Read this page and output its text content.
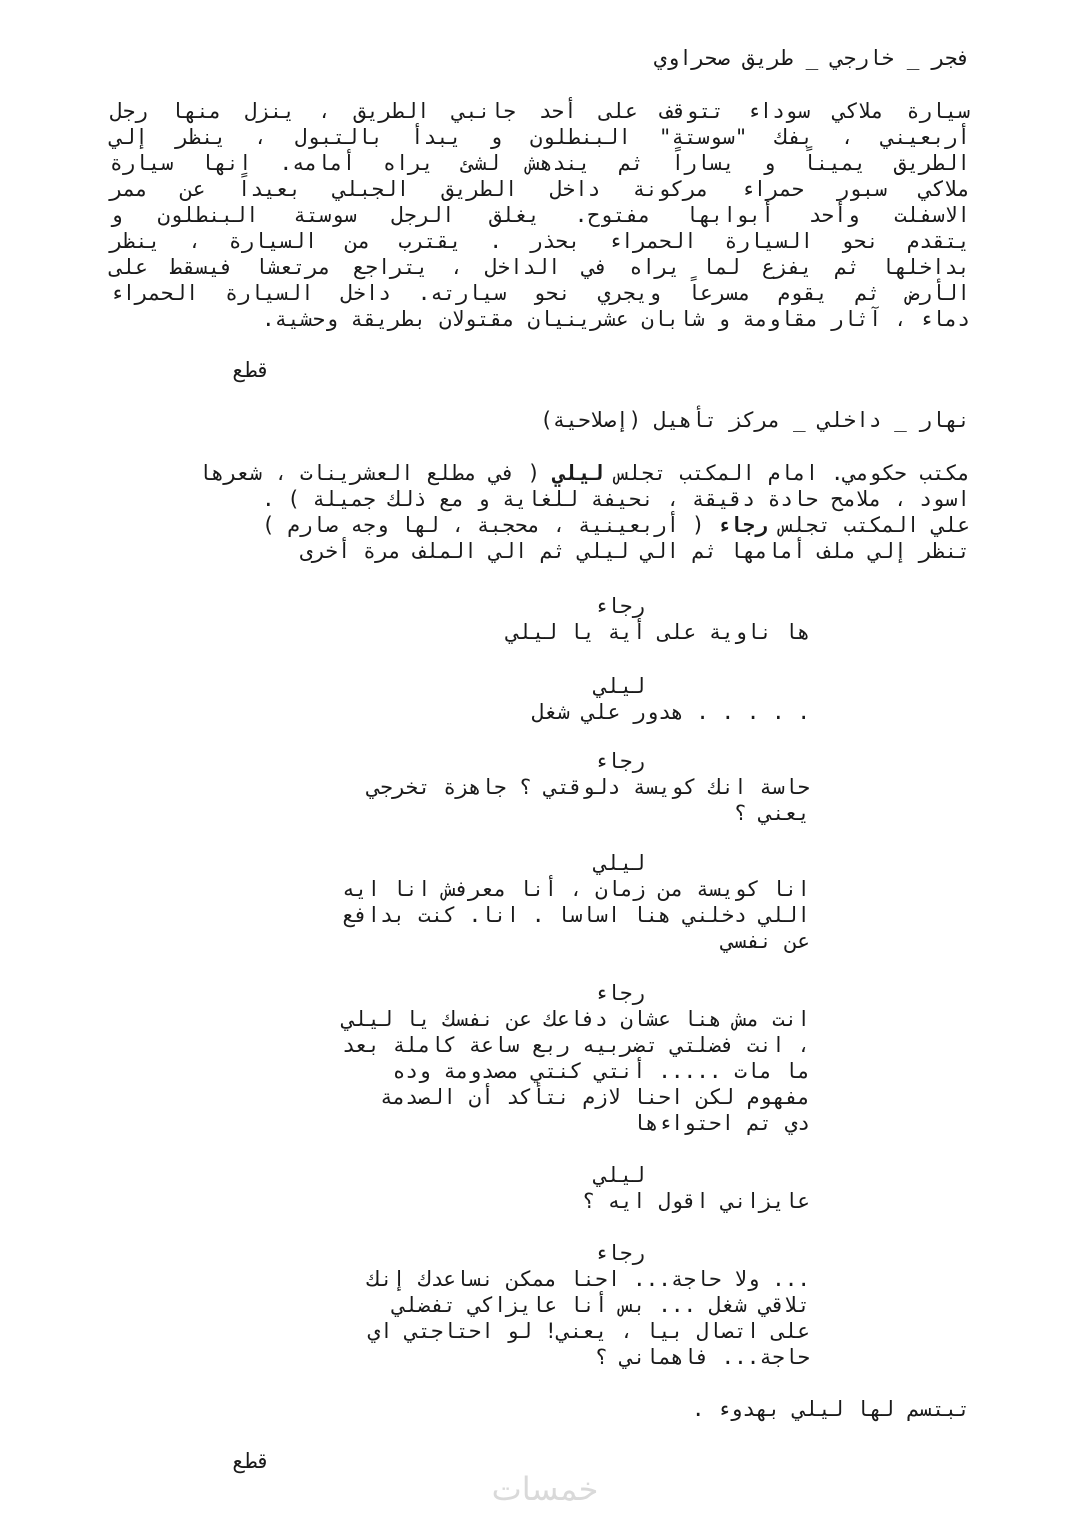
فجر _ خارجي _ طريق صحراوي
سيارة ملاكي سوداء تتوقف على أحد جانبي الطريق ، ينزل منها رجل
أربعيني ، بفك "سوستة" البنطلون و يبدأ بالتبول ، ينظر إلي
الطريق يميناً و يساراً ثم يندهش لشئ يراه أمامه. انها سيارة
ملاكي سبور حمراء مركونة داخل الطريق الجبلي بعيداً عن ممر
الاسفلت وأحد أبوابها مفتوح. يغلق الرجل سوستة البنطلون و
يتقدم نحو السيارة الحمراء بحذر . يقترب من السيارة ، ينظر
بداخلها ثم يفزع لما يراه في الداخل ، يتراجع مرتعشا فيسقط على
الأرض ثم يقوم مسرعاً ويجري نحو سيارته. داخل السيارة الحمراء
دماء ، آثار مقاومة و شابان عشرينيان مقتولان بطريقة وحشية.
قطع
نهار _ داخلي _ مركز تأهيل (إصلاحية)
مكتب حكومي. امام المكتب تجلس ليلي ( في مطلع العشرينات ، شعرها
اسود ، ملامح حادة دقيقة ، نحيفة للغاية و مع ذلك جميلة ) .
علي المكتب تجلس رجاء ( أربعينية ، محجبة ، لها وجه صارم )
تنظر إلي ملف أمامها ثم الي ليلي ثم الي الملف مرة أخرى
رجاء
ها ناوية على أية يا ليلي
ليلي
. . . . . هدور علي شغل
رجاء
حاسة انك كويسة دلوقتي ؟ جاهزة تخرجي
يعني ؟
ليلي
انا كويسة من زمان ، أنا معرفش انا ايه
اللي دخلني هنا اساسا . انا. كنت بدافع
عن نفسي
رجاء
انت مش هنا عشان دفاعك عن نفسك يا ليلي
، انت فضلتي تضربيه ربع ساعة كاملة بعد
ما مات ..... أنتي كنتي مصدومة وده
مفهوم لكن احنا لازم نتأكد أن الصدمة
دي تم احتواءها
ليلي
عايزاني اقول ايه ؟
رجاء
... ولا حاجة... احنا ممكن نساعدك إنك
تلاقي شغل ... بس أنا عايزاكي تفضلي
على اتصال بيا ، يعني! لو احتاجتي اي
حاجة... فاهماني ؟
تبتسم لها ليلي بهدوء .
قطع
خمسات
